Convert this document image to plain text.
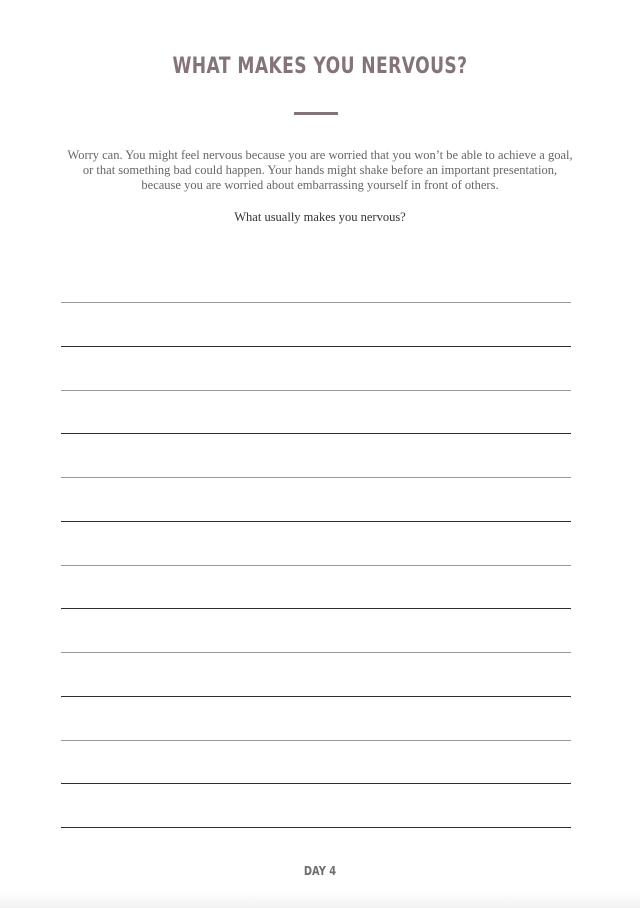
WHAT MAKES YOU NERVOUS?
Worry can. You might feel nervous because you are worried that you won’t be able to achieve a goal,
or that something bad could happen. Your hands might shake before an important presentation,
because you are worried about embarrassing yourself in front of others.
What usually makes you nervous?
DAY 4
